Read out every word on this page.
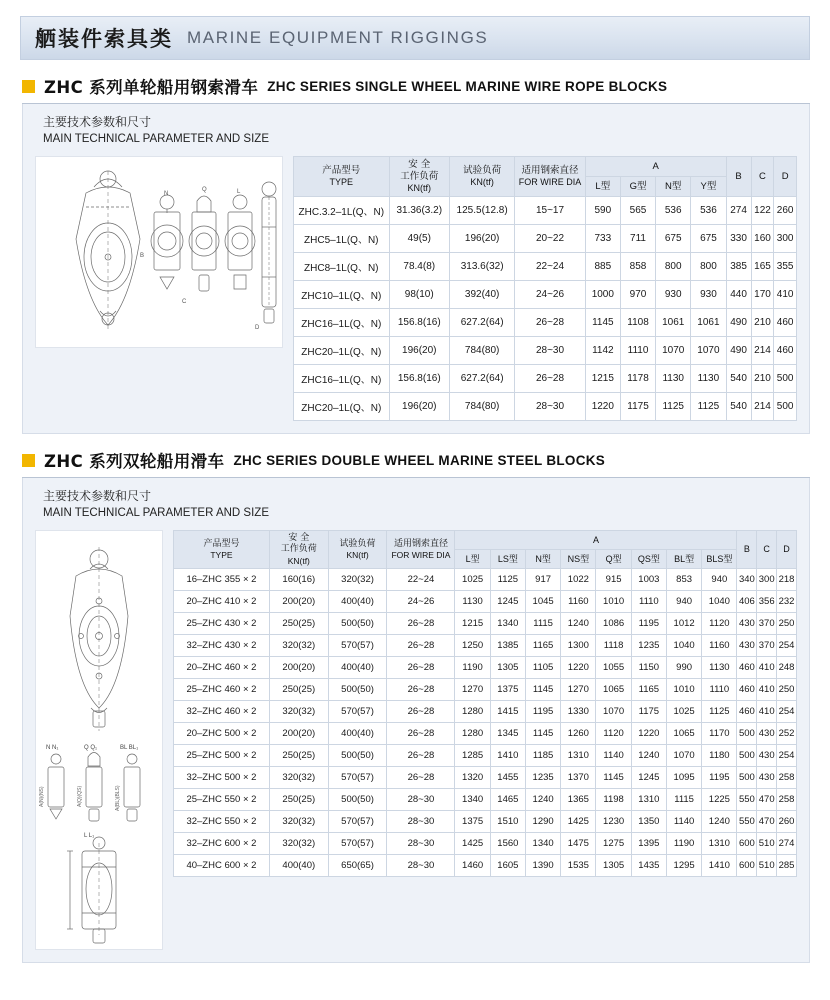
舾装件索具类 MARINE EQUIPMENT RIGGINGS
ZHC 系列单轮船用钢索滑车 ZHC SERIES SINGLE WHEEL MARINE WIRE ROPE BLOCKS
主要技术参数和尺寸
MAIN TECHNICAL PARAMETER AND SIZE
N
Q	L
B
C
D
产品型号
TYPE	安 全
工作负荷
KN(tf)	试验负荷
KN(tf)	适用钢索直径
FOR WIRE DIA	A				B	C	D
				L型	G型	N型	Y型			
ZHC.3.2–1L(Q、N)	31.36(3.2)	125.5(12.8)	15~17	590	565	536	536	274	122	260
ZHC5–1L(Q、N)	49(5)	196(20)	20~22	733	711	675	675	330	160	300
ZHC8–1L(Q、N)	78.4(8)	313.6(32)	22~24	885	858	800	800	385	165	355
ZHC10–1L(Q、N)	98(10)	392(40)	24~26	1000	970	930	930	440	170	410
ZHC16–1L(Q、N)	156.8(16)	627.2(64)	26~28	1145	1108	1061	1061	490	210	460
ZHC20–1L(Q、N)	196(20)	784(80)	28~30	1142	1110	1070	1070	490	214	460
ZHC16–1L(Q、N)	156.8(16)	627.2(64)	26~28	1215	1178	1130	1130	540	210	500
ZHC20–1L(Q、N)	196(20)	784(80)	28~30	1220	1175	1125	1125	540	214	500
ZHC 系列双轮船用滑车 ZHC SERIES DOUBLE WHEEL MARINE STEEL BLOCKS
主要技术参数和尺寸
MAIN TECHNICAL PARAMETER AND SIZE
N N₁	Q Q₁	BL BL₁
A(N)(NS)	A(Q)(QS)	A(BL)(BLS)
L L₁
产品型号
TYPE	安 全
工作负荷
KN(tf)	试验负荷
KN(tf)	适用钢索直径
FOR WIRE DIA	A								B	C	D
				L型	LS型	N型	NS型	Q型	QS型	BL型	BLS型			
16–ZHC 355 × 2	160(16)	320(32)	22~24	1025	1125	917	1022	915	1003	853	940	340	300	218
20–ZHC 410 × 2	200(20)	400(40)	24~26	1130	1245	1045	1160	1010	1110	940	1040	406	356	232
25–ZHC 430 × 2	250(25)	500(50)	26~28	1215	1340	1115	1240	1086	1195	1012	1120	430	370	250
32–ZHC 430 × 2	320(32)	570(57)	26~28	1250	1385	1165	1300	1118	1235	1040	1160	430	370	254
20–ZHC 460 × 2	200(20)	400(40)	26~28	1190	1305	1105	1220	1055	1150	990	1130	460	410	248
25–ZHC 460 × 2	250(25)	500(50)	26~28	1270	1375	1145	1270	1065	1165	1010	1110	460	410	250
32–ZHC 460 × 2	320(32)	570(57)	26~28	1280	1415	1195	1330	1070	1175	1025	1125	460	410	254
20–ZHC 500 × 2	200(20)	400(40)	26~28	1280	1345	1145	1260	1120	1220	1065	1170	500	430	252
25–ZHC 500 × 2	250(25)	500(50)	26~28	1285	1410	1185	1310	1140	1240	1070	1180	500	430	254
32–ZHC 500 × 2	320(32)	570(57)	26~28	1320	1455	1235	1370	1145	1245	1095	1195	500	430	258
25–ZHC 550 × 2	250(25)	500(50)	28~30	1340	1465	1240	1365	1198	1310	1115	1225	550	470	258
32–ZHC 550 × 2	320(32)	570(57)	28~30	1375	1510	1290	1425	1230	1350	1140	1240	550	470	260
32–ZHC 600 × 2	320(32)	570(57)	28~30	1425	1560	1340	1475	1275	1395	1190	1310	600	510	274
40–ZHC 600 × 2	400(40)	650(65)	28~30	1460	1605	1390	1535	1305	1435	1295	1410	600	510	285
